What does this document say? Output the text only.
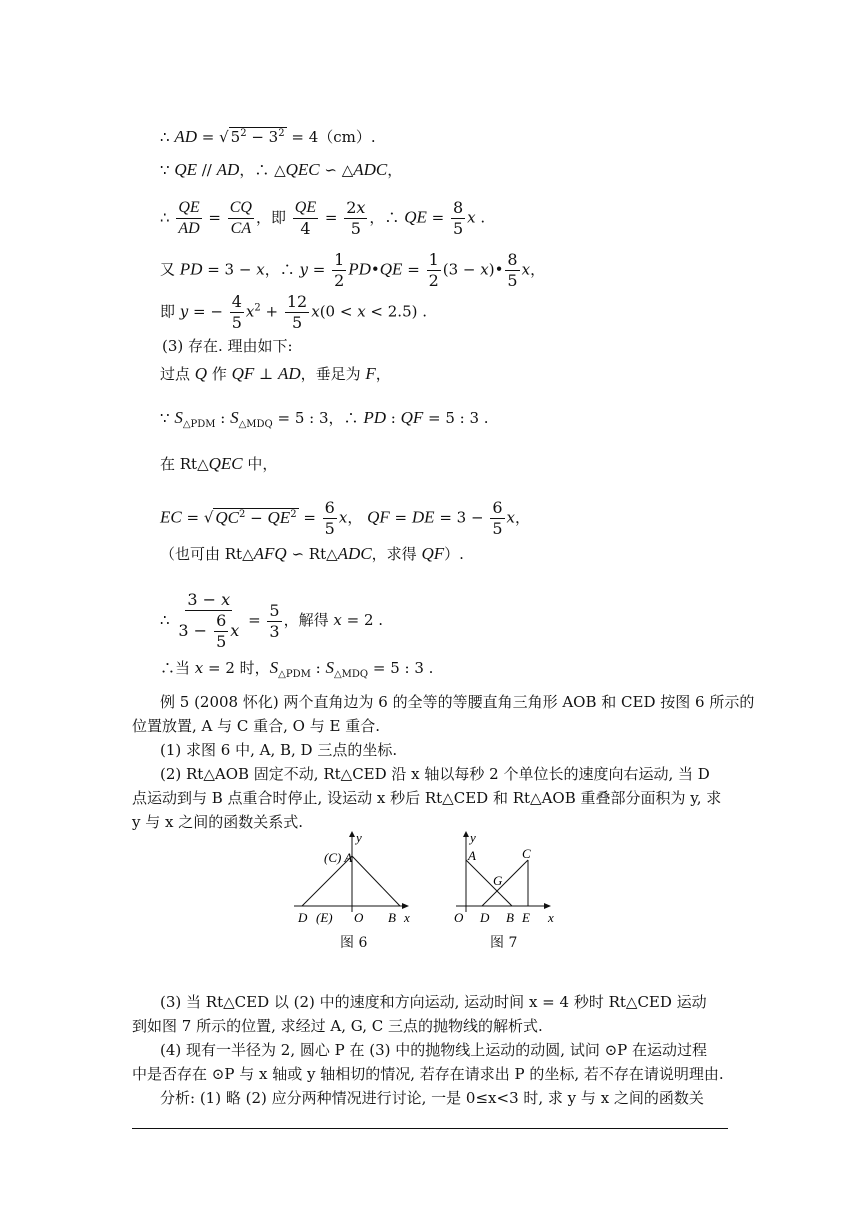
∴ AD = √ $5^2 - 3^2 = 4(cm)$.
∵ QE // AD，∴ △QEC ∽ △ADC，
∴ $\frac{QE}{AD} = \frac{CQ}{CA}$ ，即 $\frac{QE}{4} = \frac{2x}{5}$ ，∴ QE = $\frac{8}{5}$ x .
又 PD = 3 − x，∴ $y = \frac{1}{2}$ PD•QE = $\frac{1}{2} (3$ − x)• $\frac{8}{5}$ x，
即 y = − $\frac{4}{5} x^2 + \frac{12}{5} x(0 < x < 2.5)$ .
(3) 存在. 理由如下:
过点 Q 作 QF ⊥ AD，垂足为 F，
∵ $S_{\triangle PDM}$ : $S_{\triangle MDQ} = 5$ : 3，∴ PD : QF = 5 : 3 .
在 Rt△QEC 中，
EC = √ $QC^2 - QE^2 = \frac{6}{5}$ x， QF = DE = $3 - \frac{6}{5}$ x，
（也可由 Rt△AFQ ∽ Rt△ADC，求得 QF）.
∴ $\frac{3 - x}{3 - \frac{6}{5} x} = \frac{5}{3}$ ，解得 x = 2 .
∴当 x = 2 时，$S_{\triangle PDM}$ : $S_{\triangle MDQ} = 5$ : 3 .
例 5 (2008 怀化) 两个直角边为 6 的全等的等腰直角三角形 AOB 和 CED 按图 6 所示的
位置放置, A 与 C 重合, O 与 E 重合.
(1) 求图 6 中, A, B, D 三点的坐标.
(2) Rt△AOB 固定不动, Rt△CED 沿 x 轴以每秒 2 个单位长的速度向右运动, 当 D
点运动到与 B 点重合时停止, 设运动 x 秒后 Rt△CED 和 Rt△AOB 重叠部分面积为 y, 求
y 与 x 之间的函数关系式.
y
(C) A
D (E) O B x
图 6
y
A	C
G
O D B E x
图 7
(3) 当 Rt△CED 以 (2) 中的速度和方向运动, 运动时间 x = 4 秒时 Rt△CED 运动
到如图 7 所示的位置, 求经过 A, G, C 三点的抛物线的解析式.
(4) 现有一半径为 2, 圆心 P 在 (3) 中的抛物线上运动的动圆, 试问 ⊙P 在运动过程
中是否存在 ⊙P 与 x 轴或 y 轴相切的情况, 若存在请求出 P 的坐标, 若不存在请说明理由.
分析: (1) 略 (2) 应分两种情况进行讨论, 一是 0≤x<3 时, 求 y 与 x 之间的函数关
